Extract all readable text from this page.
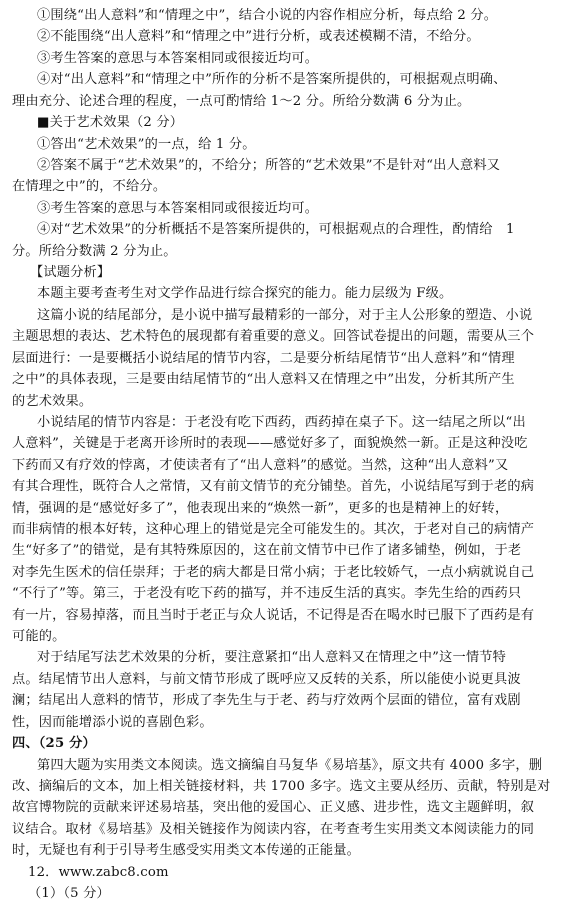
①围绕“出人意料”和“情理之中”，结合小说的内容作相应分析，每点给 2 分。
②不能围绕“出人意料”和“情理之中”进行分析，或表述模糊不清，不给分。
③考生答案的意思与本答案相同或很接近均可。
④对“出人意料”和“情理之中”所作的分析不是答案所提供的，可根据观点明确、
理由充分、论述合理的程度，一点可酌情给 1～2 分。所给分数满 6 分为止。
■关于艺术效果（2 分）
①答出“艺术效果”的一点，给 1 分。
②答案不属于“艺术效果”的，不给分；所答的“艺术效果”不是针对“出人意料又
在情理之中”的，不给分。
③考生答案的意思与本答案相同或很接近均可。
④对“艺术效果”的分析概括不是答案所提供的，可根据观点的合理性，酌情给　1
分。所给分数满 2 分为止。
【试题分析】
本题主要考查考生对文学作品进行综合探究的能力。能力层级为 F级。
这篇小说的结尾部分，是小说中描写最精彩的一部分，对于主人公形象的塑造、小说
主题思想的表达、艺术特色的展现都有着重要的意义。回答试卷提出的问题，需要从三个
层面进行：一是要概括小说结尾的情节内容，二是要分析结尾情节“出人意料”和“情理
之中”的具体表现，三是要由结尾情节的“出人意料又在情理之中”出发，分析其所产生
的艺术效果。
小说结尾的情节内容是：于老没有吃下西药，西药掉在桌子下。这一结尾之所以“出
人意料”，关键是于老离开诊所时的表现——感觉好多了，面貌焕然一新。正是这种没吃
下药而又有疗效的悖离，才使读者有了“出人意料”的感觉。当然，这种“出人意料”又
有其合理性，既符合人之常情，又有前文情节的充分铺垫。首先，小说结尾写到于老的病
情，强调的是“感觉好多了”，他表现出来的“焕然一新”，更多的也是精神上的好转，
而非病情的根本好转，这种心理上的错觉是完全可能发生的。其次，于老对自己的病情产
生“好多了”的错觉，是有其特殊原因的，这在前文情节中已作了诸多铺垫，例如，于老
对李先生医术的信任崇拜；于老的病大都是日常小病；于老比较娇气，一点小病就说自己
“不行了”等。第三，于老没有吃下药的描写，并不违反生活的真实。李先生给的西药只
有一片，容易掉落，而且当时于老正与众人说话，不记得是否在喝水时已服下了西药是有
可能的。
对于结尾写法艺术效果的分析，要注意紧扣“出人意料又在情理之中”这一情节特
点。结尾情节出人意料，与前文情节形成了既呼应又反转的关系，所以能使小说更具波
澜；结尾出人意料的情节，形成了李先生与于老、药与疗效两个层面的错位，富有戏剧
性，因而能增添小说的喜剧色彩。
四、（25 分）
第四大题为实用类文本阅读。选文摘编自马复华《易培基》，原文共有 4000 多字，删
改、摘编后的文本，加上相关链接材料，共 1700 多字。选文主要从经历、贡献，特别是对
故宫博物院的贡献来评述易培基，突出他的爱国心、正义感、进步性，选文主题鲜明，叙
议结合。取材《易培基》及相关链接作为阅读内容，在考查考生实用类文本阅读能力的同
时，无疑也有利于引导考生感受实用类文本传递的正能量。
12．www.zabc8.com
（1）（5 分）
